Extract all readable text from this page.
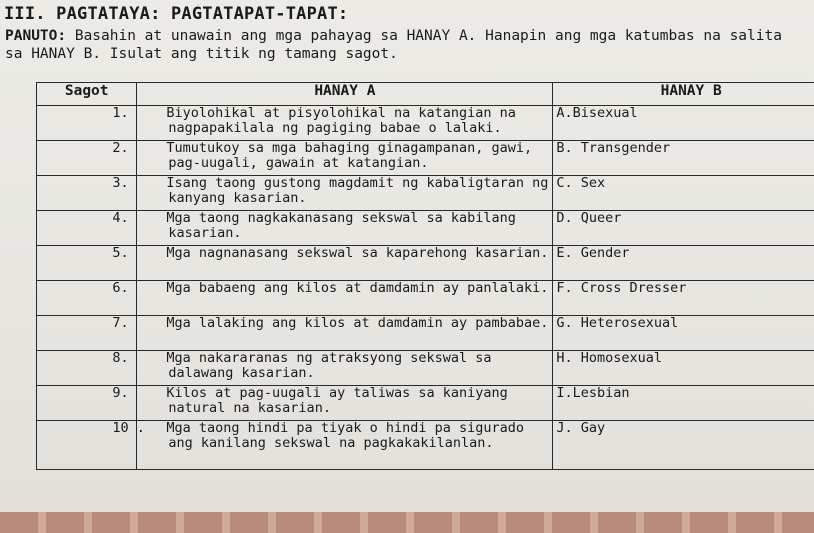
III. PAGTATAYA: PAGTATAPAT-TAPAT:
PANUTO: Basahin at unawain ang mga pahayag sa HANAY A. Hanapin ang mga katumbas na salita sa HANAY B. Isulat ang titik ng tamang sagot.
Sagot	HANAY A	HANAY B

	1. Biyolohikal at pisyolohikal na katangian na nagpapakilala ng pagiging babae o lalaki.	A.Bisexual

	2. Tumutukoy sa mga bahaging ginagampanan, gawi, pag-uugali, gawain at katangian.	B. Transgender

	3. Isang taong gustong magdamit ng kabaligtaran ng kanyang kasarian.	C. Sex

	4. Mga taong nagkakanasang sekswal sa kabilang kasarian.	D. Queer

	5. Mga nagnanasang sekswal sa kaparehong kasarian.	E. Gender

	6. Mga babaeng ang kilos at damdamin ay panlalaki.	F. Cross Dresser

	7. Mga lalaking ang kilos at damdamin ay pambabae.	G. Heterosexual

	8. Mga nakararanas ng atraksyong sekswal sa dalawang kasarian.	H. Homosexual

	9. Kilos at pag-uugali ay taliwas sa kaniyang natural na kasarian.	I.Lesbian

	10 . Mga taong hindi pa tiyak o hindi pa sigurado ang kanilang sekswal na pagkakakilanlan.	J. Gay
